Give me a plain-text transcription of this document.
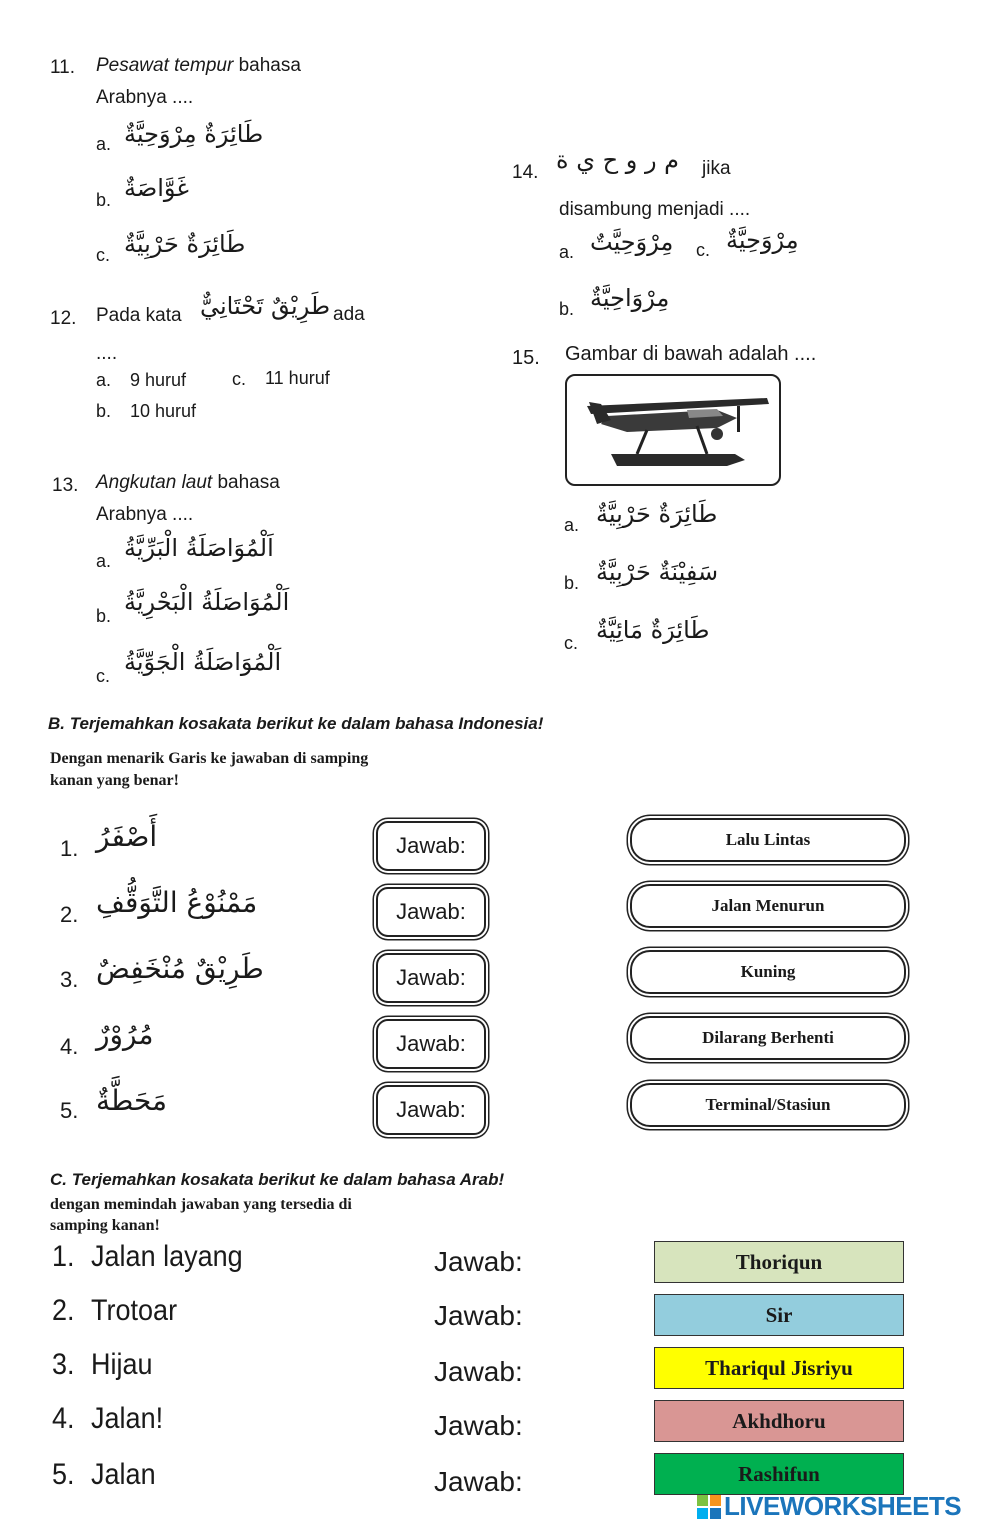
11. Pesawat tempur bahasa
Arabnya ....
a. طَائِرَةٌ مِرْوَحِيَّةٌ
b. غَوَّاصَةٌ
c. طَائِرَةٌ حَرْبِيَّةٌ
12. Pada kata طَرِيْقٌ تَحْتَانِيٌّ ada
....
a. 9 huruf	c. 11 huruf
b. 10 huruf
13. Angkutan laut bahasa
Arabnya ....
a. اَلْمُوَاصَلَةُ الْبَرِّيَّةُ
b. اَلْمُوَاصَلَةُ الْبَحْرِيَّةُ
c. اَلْمُوَاصَلَةُ الْجَوِّيَّةُ
14. م ر و ح ي ة jika
disambung menjadi ....
a. مِرْوَحِيَّتٌ c. مِرْوَحِيَّةٌ
b. مِرْوَاحِيَّةٌ
15. Gambar di bawah adalah ....
a. طَائِرَةٌ حَرْبِيَّةٌ
b. سَفِيْنَةٌ حَرْبِيَّةٌ
c. طَائِرَةٌ مَائِيَّةٌ
B. Terjemahkan kosakata berikut ke dalam bahasa Indonesia!
Dengan menarik Garis ke jawaban di samping
kanan yang benar!
1. أَصْفَرُ
2. مَمْنُوْعُ التَّوَقُّفِ
3. طَرِيْقٌ مُنْخَفِضٌ
4. مُرُوْرٌ
5. مَحَطَّةٌ
Jawab:
Jawab:
Jawab:
Jawab:
Jawab:
Lalu Lintas
Jalan Menurun
Kuning
Dilarang Berhenti
Terminal/Stasiun
C. Terjemahkan kosakata berikut ke dalam bahasa Arab!
dengan memindah jawaban yang tersedia di
samping kanan!
1. Jalan layang
2. Trotoar
3. Hijau
4. Jalan!
5. Jalan
Jawab:
Jawab:
Jawab:
Jawab:
Jawab:
Thoriqun
Sir
Thariqul Jisriyu
Akhdhoru
Rashifun
LIVEWORKSHEETS
